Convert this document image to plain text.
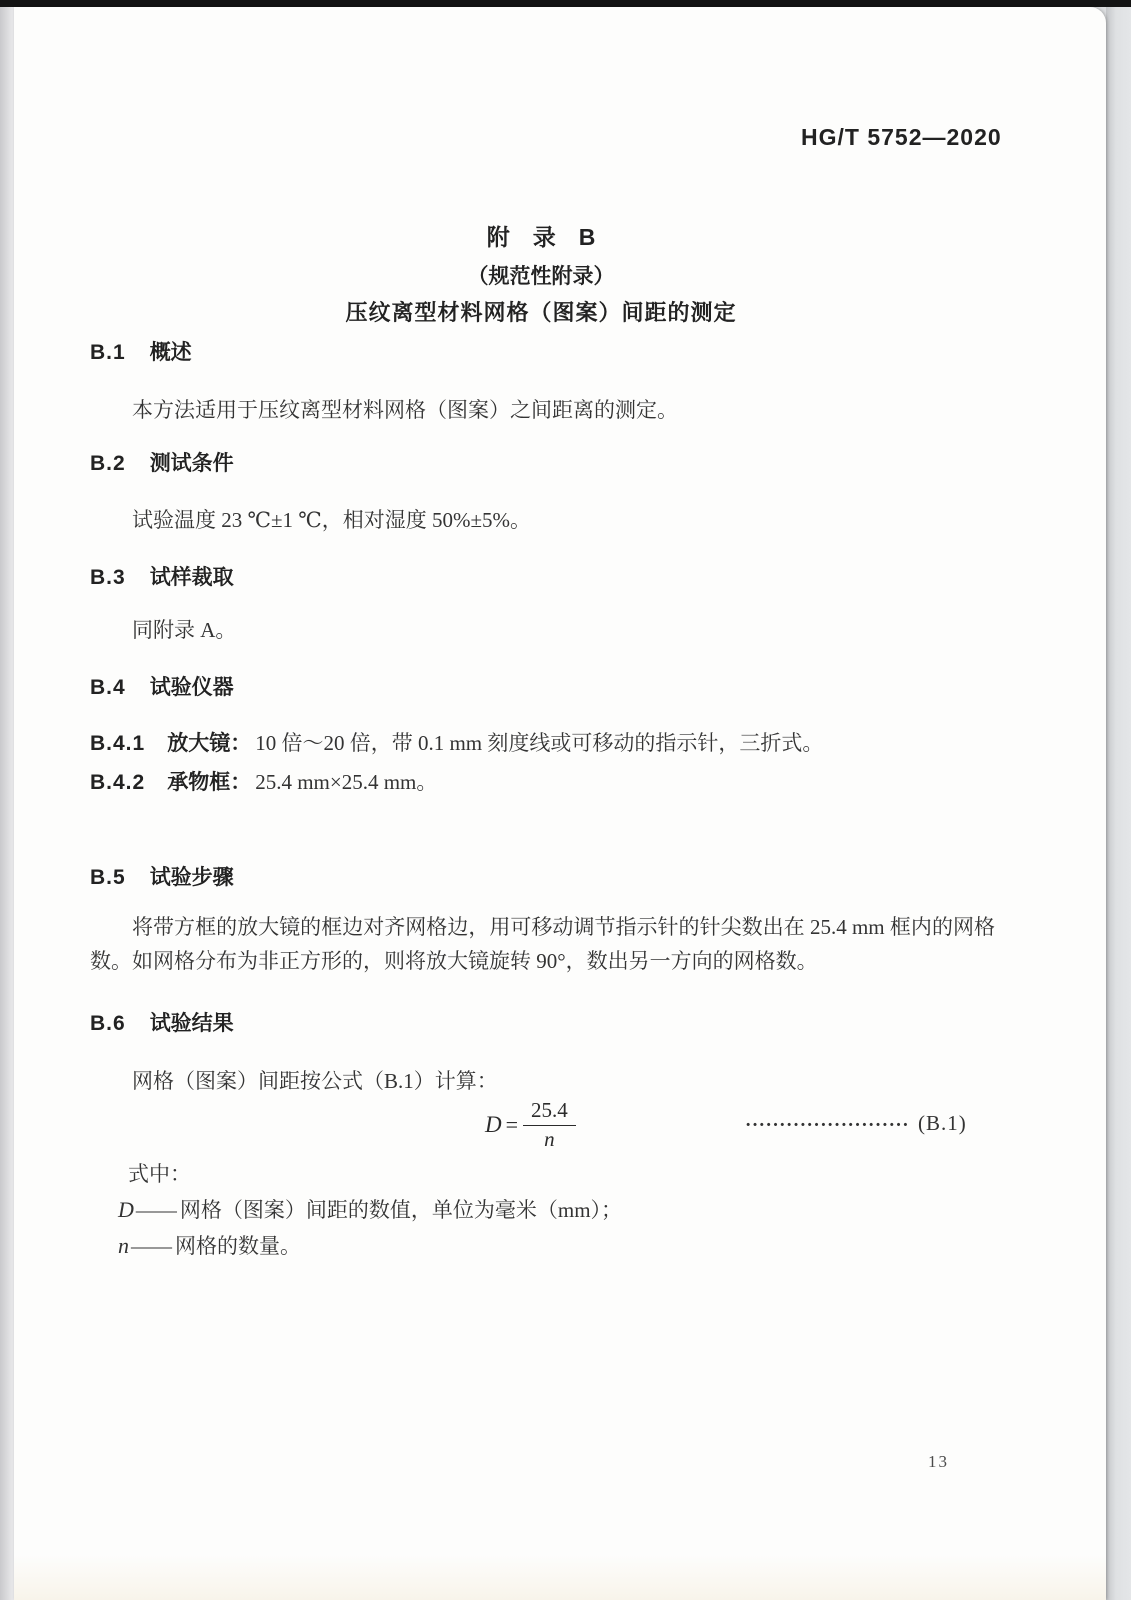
HG/T 5752—2020
附　录　B
（规范性附录）
压纹离型材料网格（图案）间距的测定
B.1 概述
本方法适用于压纹离型材料网格（图案）之间距离的测定。
B.2 测试条件
试验温度 23 ℃±1 ℃，相对湿度 50%±5%。
B.3 试样裁取
同附录 A。
B.4 试验仪器
B.4.1 放大镜： 10 倍～20 倍，带 0.1 mm 刻度线或可移动的指示针，三折式。
B.4.2 承物框： 25.4 mm×25.4 mm。
B.5 试验步骤
将带方框的放大镜的框边对齐网格边，用可移动调节指示针的针尖数出在 25.4 mm 框内的网格数。如网格分布为非正方形的，则将放大镜旋转 90°，数出另一方向的网格数。
B.6 试验结果
网格（图案）间距按公式（B.1）计算：
$D = \frac{25.4}{n}$	························ (B.1)
式中：
D—— 网格（图案）间距的数值，单位为毫米（mm）；
n—— 网格的数量。
13
